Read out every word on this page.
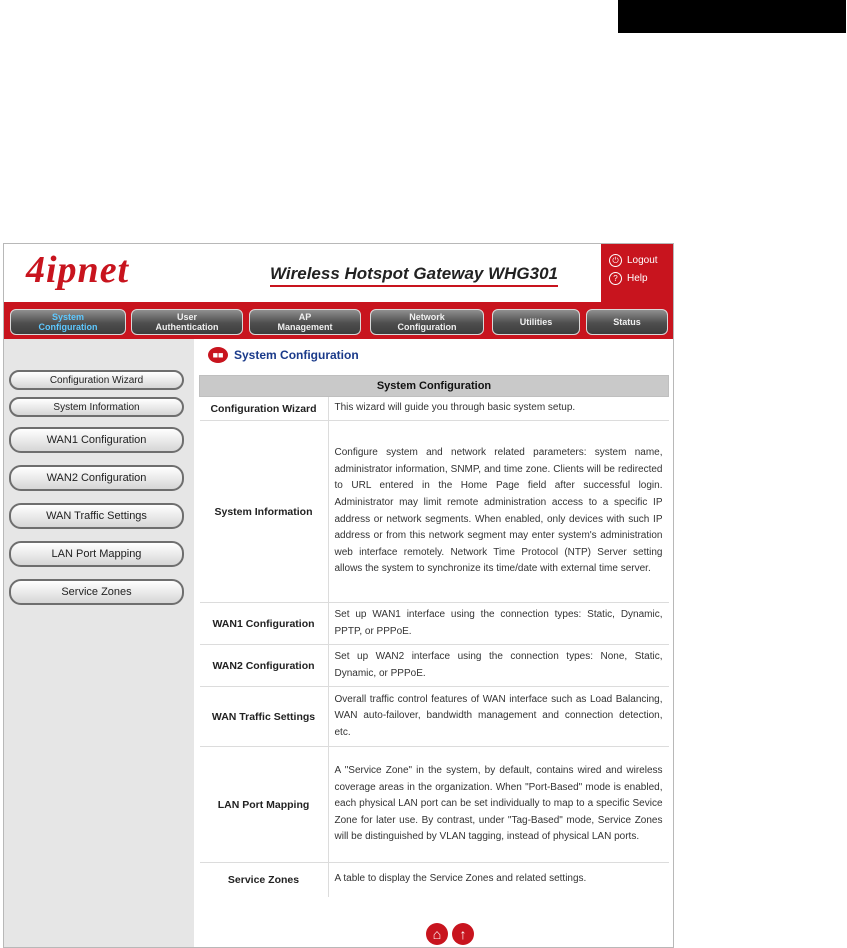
4ipnet	Wireless Hotspot Gateway WHG301
⏻ Logout
? Help
System
Configuration
User
Authentication
AP
Management
Network
Configuration	Utilities	Status
Configuration Wizard
System Information
WAN1 Configuration
WAN2 Configuration
WAN Traffic Settings
LAN Port Mapping
Service Zones
■■ System Configuration
System Configuration	
Configuration Wizard	This wizard will guide you through basic system setup.
System Information	Configure system and network related parameters: system name, administrator information, SNMP, and time zone. Clients will be redirected to URL entered in the Home Page field after successful login. Administrator may limit remote administration access to a specific IP address or network segments. When enabled, only devices with such IP address or from this network segment may enter system's administration web interface remotely. Network Time Protocol (NTP) Server setting allows the system to synchronize its time/date with external time server.
WAN1 Configuration	Set up WAN1 interface using the connection types: Static, Dynamic, PPTP, or PPPoE.
WAN2 Configuration	Set up WAN2 interface using the connection types: None, Static, Dynamic, or PPPoE.
WAN Traffic Settings	Overall traffic control features of WAN interface such as Load Balancing, WAN auto-failover, bandwidth management and connection detection, etc.
LAN Port Mapping	A "Service Zone" in the system, by default, contains wired and wireless coverage areas in the organization. When "Port-Based" mode is enabled, each physical LAN port can be set individually to map to a specific Sevice Zone for later use. By contrast, under "Tag-Based" mode, Service Zones will be distinguished by VLAN tagging, instead of physical LAN ports.
Service Zones	A table to display the Service Zones and related settings.
⌂	↑
